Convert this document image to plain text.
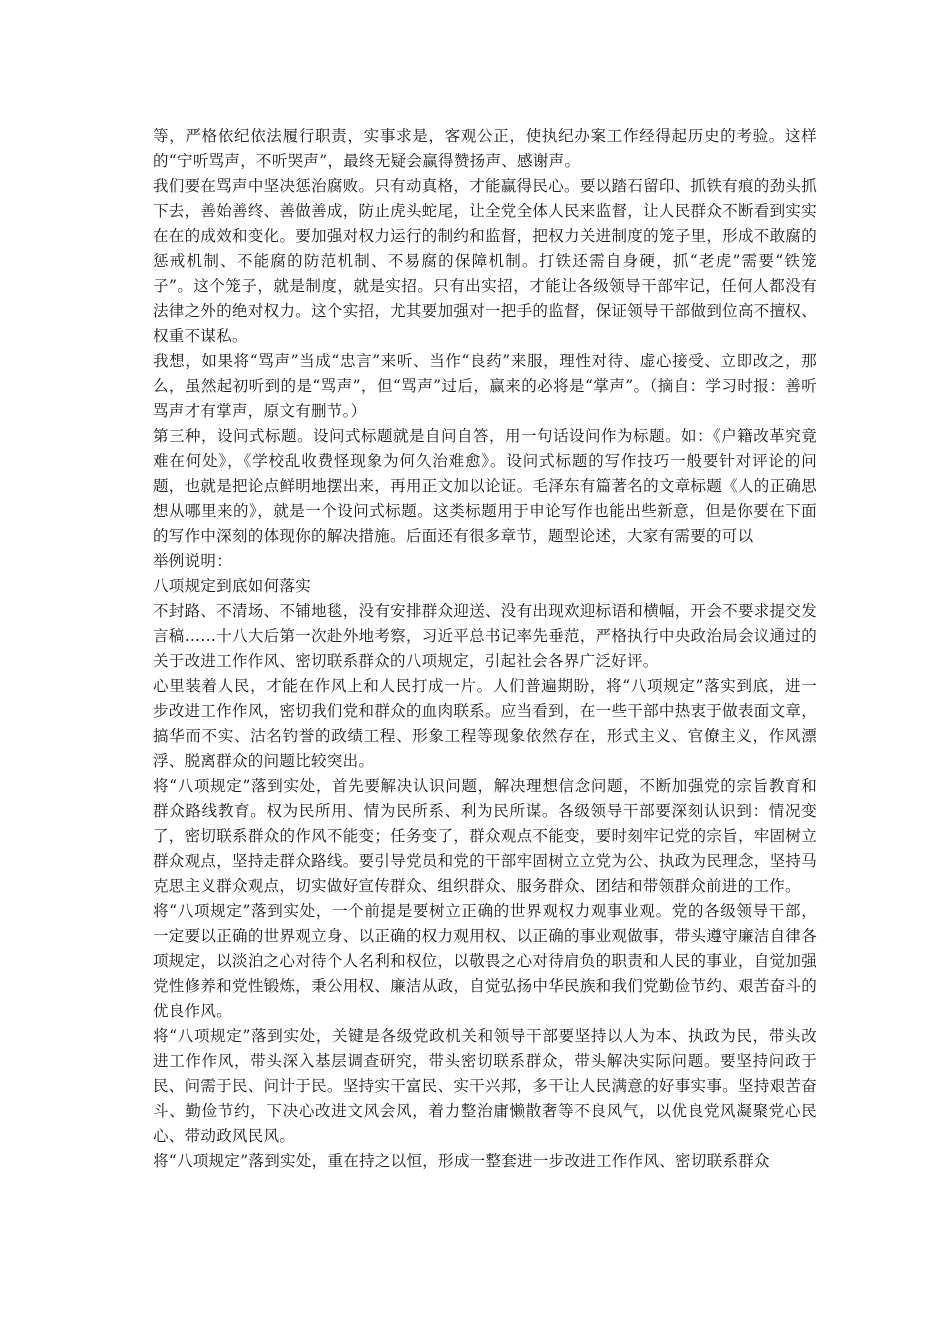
等，严格依纪依法履行职责，实事求是，客观公正，使执纪办案工作经得起历史的考验。这样的“宁听骂声，不听哭声”，最终无疑会赢得赞扬声、感谢声。

我们要在骂声中坚决惩治腐败。只有动真格，才能赢得民心。要以踏石留印、抓铁有痕的劲头抓下去，善始善终、善做善成，防止虎头蛇尾，让全党全体人民来监督，让人民群众不断看到实实在在的成效和变化。要加强对权力运行的制约和监督，把权力关进制度的笼子里，形成不敢腐的惩戒机制、不能腐的防范机制、不易腐的保障机制。打铁还需自身硬，抓“老虎”需要“铁笼子”。这个笼子，就是制度，就是实招。只有出实招，才能让各级领导干部牢记，任何人都没有法律之外的绝对权力。这个实招，尤其要加强对一把手的监督，保证领导干部做到位高不擅权、权重不谋私。

我想，如果将“骂声”当成“忠言”来听、当作“良药”来服，理性对待、虚心接受、立即改之，那么，虽然起初听到的是“骂声”，但“骂声”过后，赢来的必将是“掌声”。（摘自：学习时报：善听骂声才有掌声，原文有删节。）

第三种，设问式标题。设问式标题就是自问自答，用一句话设问作为标题。如：《户籍改革究竟难在何处》，《学校乱收费怪现象为何久治难愈》。设问式标题的写作技巧一般要针对评论的问题，也就是把论点鲜明地摆出来，再用正文加以论证。毛泽东有篇著名的文章标题《人的正确思想从哪里来的》，就是一个设问式标题。这类标题用于申论写作也能出些新意，但是你要在下面的写作中深刻的体现你的解决措施。后面还有很多章节，题型论述，大家有需要的可以

举例说明：

八项规定到底如何落实

不封路、不清场、不铺地毯，没有安排群众迎送、没有出现欢迎标语和横幅，开会不要求提交发言稿……十八大后第一次赴外地考察，习近平总书记率先垂范，严格执行中央政治局会议通过的关于改进工作作风、密切联系群众的八项规定，引起社会各界广泛好评。

心里装着人民，才能在作风上和人民打成一片。人们普遍期盼，将“八项规定”落实到底，进一步改进工作作风，密切我们党和群众的血肉联系。应当看到，在一些干部中热衷于做表面文章，搞华而不实、沽名钓誉的政绩工程、形象工程等现象依然存在，形式主义、官僚主义，作风漂浮、脱离群众的问题比较突出。

将“八项规定”落到实处，首先要解决认识问题，解决理想信念问题，不断加强党的宗旨教育和群众路线教育。权为民所用、情为民所系、利为民所谋。各级领导干部要深刻认识到：情况变了，密切联系群众的作风不能变；任务变了，群众观点不能变，要时刻牢记党的宗旨，牢固树立群众观点，坚持走群众路线。要引导党员和党的干部牢固树立立党为公、执政为民理念，坚持马克思主义群众观点，切实做好宣传群众、组织群众、服务群众、团结和带领群众前进的工作。

将“八项规定”落到实处，一个前提是要树立正确的世界观权力观事业观。党的各级领导干部，一定要以正确的世界观立身、以正确的权力观用权、以正确的事业观做事，带头遵守廉洁自律各项规定，以淡泊之心对待个人名利和权位，以敬畏之心对待肩负的职责和人民的事业，自觉加强党性修养和党性锻炼，秉公用权、廉洁从政，自觉弘扬中华民族和我们党勤俭节约、艰苦奋斗的优良作风。

将“八项规定”落到实处，关键是各级党政机关和领导干部要坚持以人为本、执政为民，带头改进工作作风，带头深入基层调查研究，带头密切联系群众，带头解决实际问题。要坚持问政于民、问需于民、问计于民。坚持实干富民、实干兴邦，多干让人民满意的好事实事。坚持艰苦奋斗、勤俭节约，下决心改进文风会风，着力整治庸懒散奢等不良风气，以优良党风凝聚党心民心、带动政风民风。

将“八项规定”落到实处，重在持之以恒，形成一整套进一步改进工作作风、密切联系群众
